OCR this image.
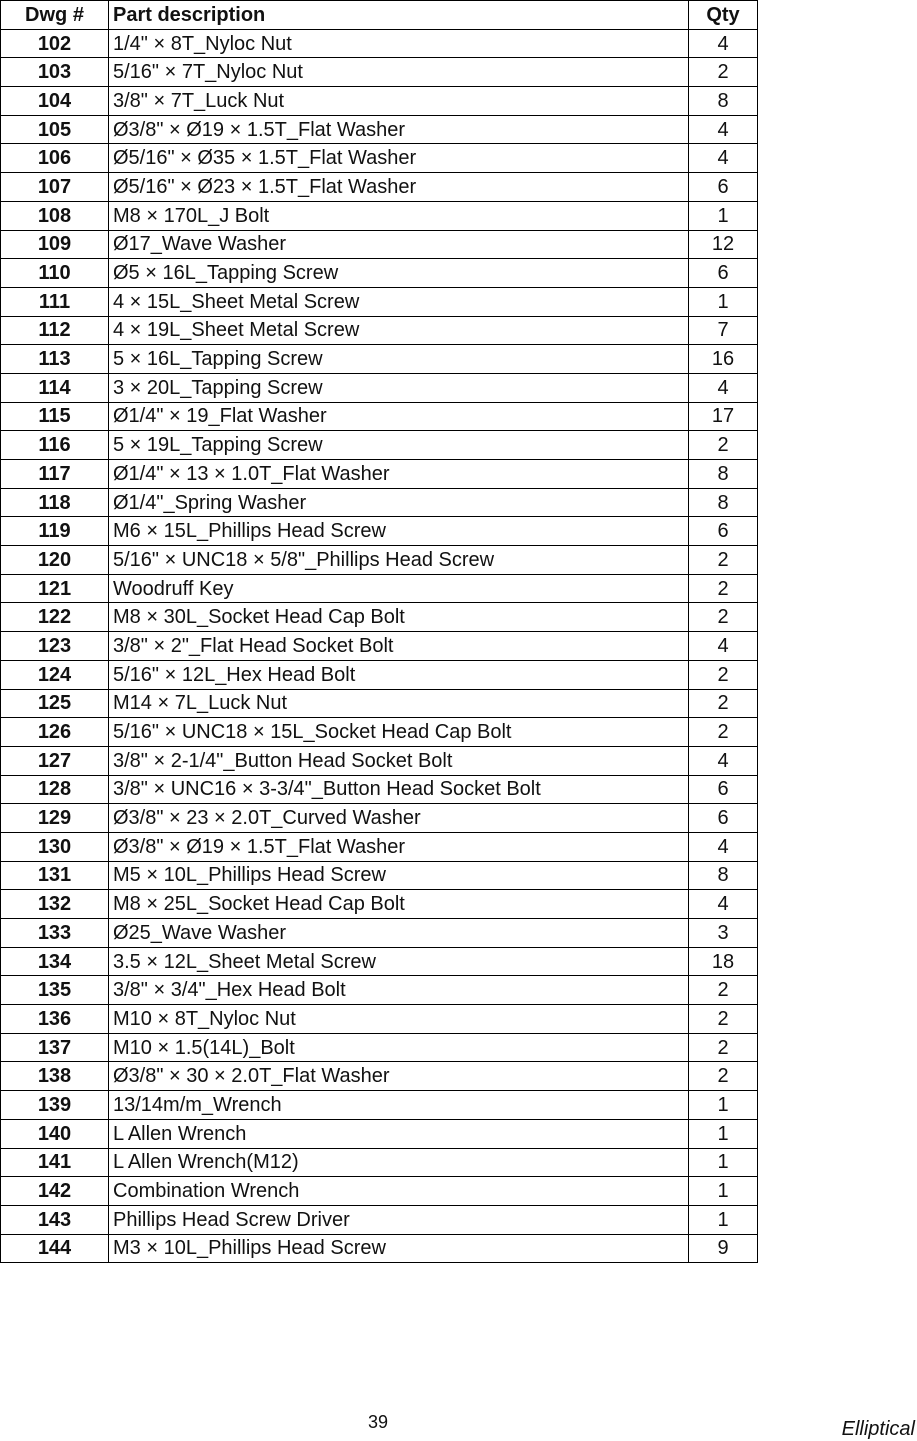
Dwg #	Part description	Qty
102	1/4" × 8T_Nyloc Nut	4
103	5/16" × 7T_Nyloc Nut	2
104	3/8" × 7T_Luck Nut	8
105	Ø3/8" × Ø19 × 1.5T_Flat Washer	4
106	Ø5/16" × Ø35 × 1.5T_Flat Washer	4
107	Ø5/16" × Ø23 × 1.5T_Flat Washer	6
108	M8 × 170L_J Bolt	1
109	Ø17_Wave Washer	12
110	Ø5 × 16L_Tapping Screw	6
111	4 × 15L_Sheet Metal Screw	1
112	4 × 19L_Sheet Metal Screw	7
113	5 × 16L_Tapping Screw	16
114	3 × 20L_Tapping Screw	4
115	Ø1/4" × 19_Flat Washer	17
116	5 × 19L_Tapping Screw	2
117	Ø1/4" × 13 × 1.0T_Flat Washer	8
118	Ø1/4"_Spring Washer	8
119	M6 × 15L_Phillips Head Screw	6
120	5/16" × UNC18 × 5/8"_Phillips Head Screw	2
121	Woodruff Key	2
122	M8 × 30L_Socket Head Cap Bolt	2
123	3/8" × 2"_Flat Head Socket Bolt	4
124	5/16" × 12L_Hex Head Bolt	2
125	M14 × 7L_Luck Nut	2
126	5/16" × UNC18 × 15L_Socket Head Cap Bolt	2
127	3/8" × 2-1/4"_Button Head Socket Bolt	4
128	3/8" × UNC16 × 3-3/4"_Button Head Socket Bolt	6
129	Ø3/8" × 23 × 2.0T_Curved Washer	6
130	Ø3/8" × Ø19 × 1.5T_Flat Washer	4
131	M5 × 10L_Phillips Head Screw	8
132	M8 × 25L_Socket Head Cap Bolt	4
133	Ø25_Wave Washer	3
134	3.5 × 12L_Sheet Metal Screw	18
135	3/8" × 3/4"_Hex Head Bolt	2
136	M10 × 8T_Nyloc Nut	2
137	M10 × 1.5(14L)_Bolt	2
138	Ø3/8" × 30 × 2.0T_Flat Washer	2
139	13/14m/m_Wrench	1
140	L Allen Wrench	1
141	L Allen Wrench(M12)	1
142	Combination Wrench	1
143	Phillips Head Screw Driver	1
144	M3 × 10L_Phillips Head Screw	9
39	Elliptical
